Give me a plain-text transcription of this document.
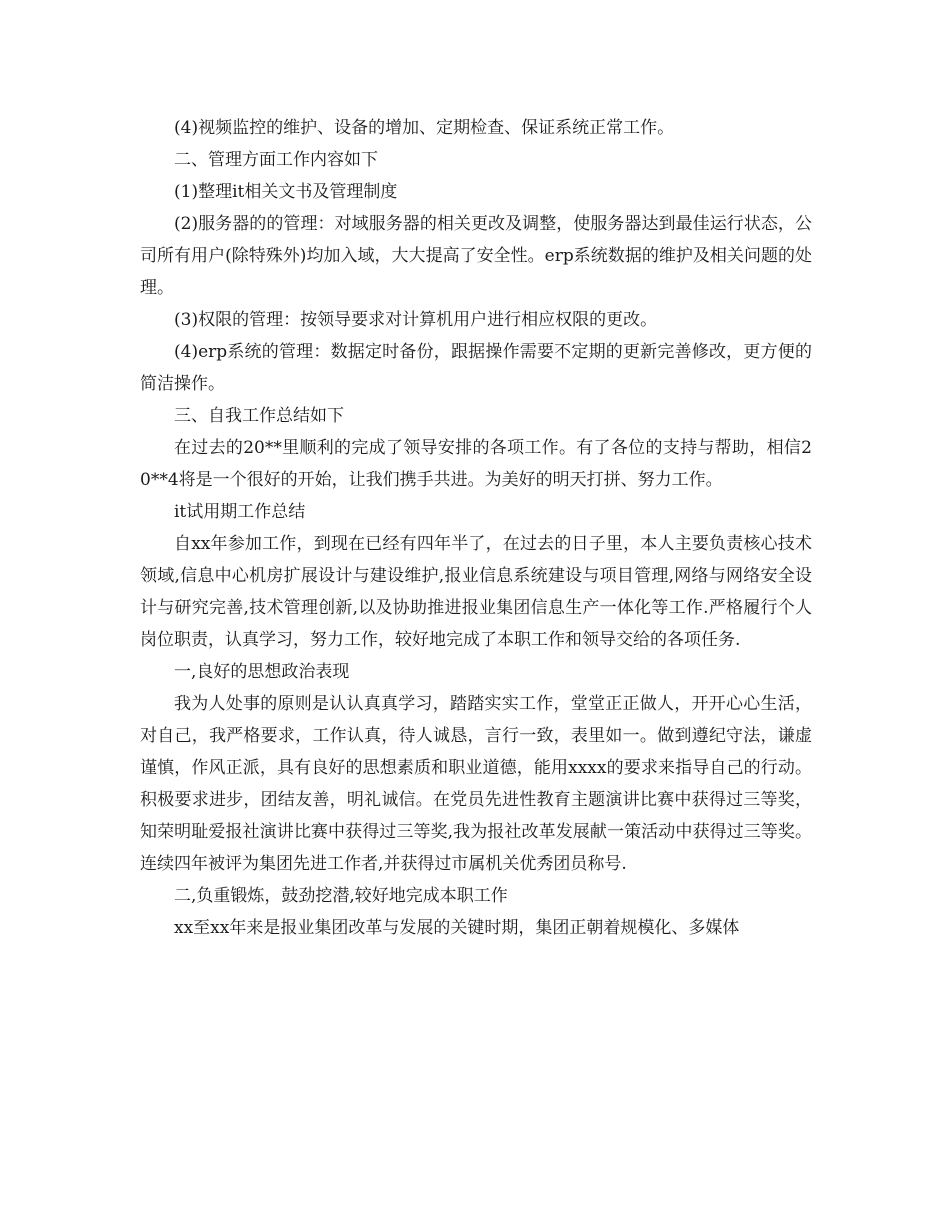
(4)视频监控的维护、设备的增加、定期检查、保证系统正常工作。

二、管理方面工作内容如下

(1)整理it相关文书及管理制度

(2)服务器的的管理：对域服务器的相关更改及调整，使服务器达到最佳运行状态，公司所有用户(除特殊外)均加入域，大大提高了安全性。erp系统数据的维护及相关问题的处理。

(3)权限的管理：按领导要求对计算机用户进行相应权限的更改。

(4)erp系统的管理：数据定时备份，跟据操作需要不定期的更新完善修改，更方便的简洁操作。

三、自我工作总结如下

在过去的20**里顺利的完成了领导安排的各项工作。有了各位的支持与帮助，相信20**4将是一个很好的开始，让我们携手共进。为美好的明天打拼、努力工作。

it试用期工作总结

自xx年参加工作，到现在已经有四年半了，在过去的日子里，本人主要负责核心技术领域,信息中心机房扩展设计与建设维护,报业信息系统建设与项目管理,网络与网络安全设计与研究完善,技术管理创新,以及协助推进报业集团信息生产一体化等工作.严格履行个人岗位职责，认真学习，努力工作，较好地完成了本职工作和领导交给的各项任务.

一,良好的思想政治表现

我为人处事的原则是认认真真学习，踏踏实实工作，堂堂正正做人，开开心心生活，对自己，我严格要求，工作认真，待人诚恳，言行一致，表里如一。做到遵纪守法，谦虚谨慎，作风正派，具有良好的思想素质和职业道德，能用xxxx的要求来指导自己的行动。积极要求进步，团结友善，明礼诚信。在党员先进性教育主题演讲比赛中获得过三等奖，知荣明耻爱报社演讲比赛中获得过三等奖,我为报社改革发展献一策活动中获得过三等奖。连续四年被评为集团先进工作者,并获得过市属机关优秀团员称号.

二,负重锻炼，鼓劲挖潜,较好地完成本职工作

xx至xx年来是报业集团改革与发展的关键时期，集团正朝着规模化、多媒体
